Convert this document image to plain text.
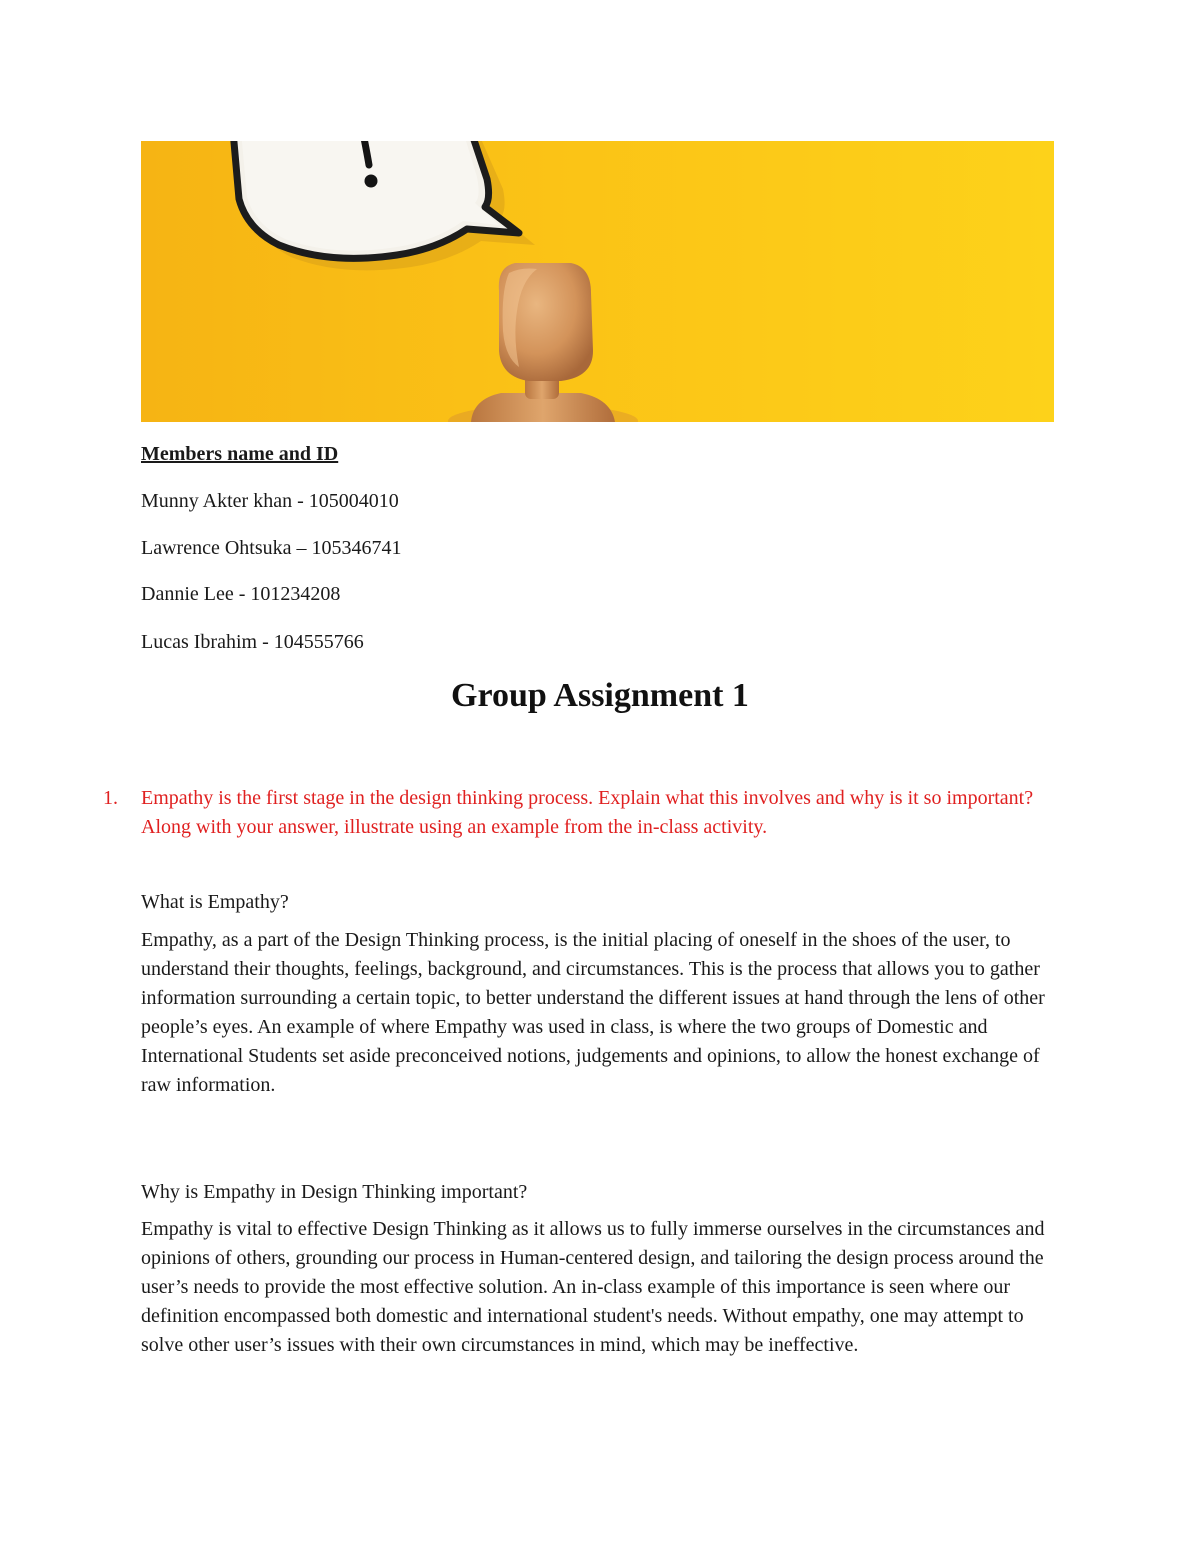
Members name and ID

Munny Akter khan - 105004010

Lawrence Ohtsuka – 105346741

Dannie Lee - 101234208

Lucas Ibrahim - 104555766

Group Assignment 1
1.	Empathy is the first stage in the design thinking process. Explain what this involves and why is it so important? Along with your answer, illustrate using an example from the in-class activity.

What is Empathy?

Empathy, as a part of the Design Thinking process, is the initial placing of oneself in the shoes of the user, to understand their thoughts, feelings, background, and circumstances. This is the process that allows you to gather information surrounding a certain topic, to better understand the different issues at hand through the lens of other people’s eyes. An example of where Empathy was used in class, is where the two groups of Domestic and International Students set aside preconceived notions, judgements and opinions, to allow the honest exchange of raw information.

Why is Empathy in Design Thinking important?

Empathy is vital to effective Design Thinking as it allows us to fully immerse ourselves in the circumstances and opinions of others, grounding our process in Human-centered design, and tailoring the design process around the user’s needs to provide the most effective solution. An in-class example of this importance is seen where our definition encompassed both domestic and international student's needs. Without empathy, one may attempt to solve other user’s issues with their own circumstances in mind, which may be ineffective.
